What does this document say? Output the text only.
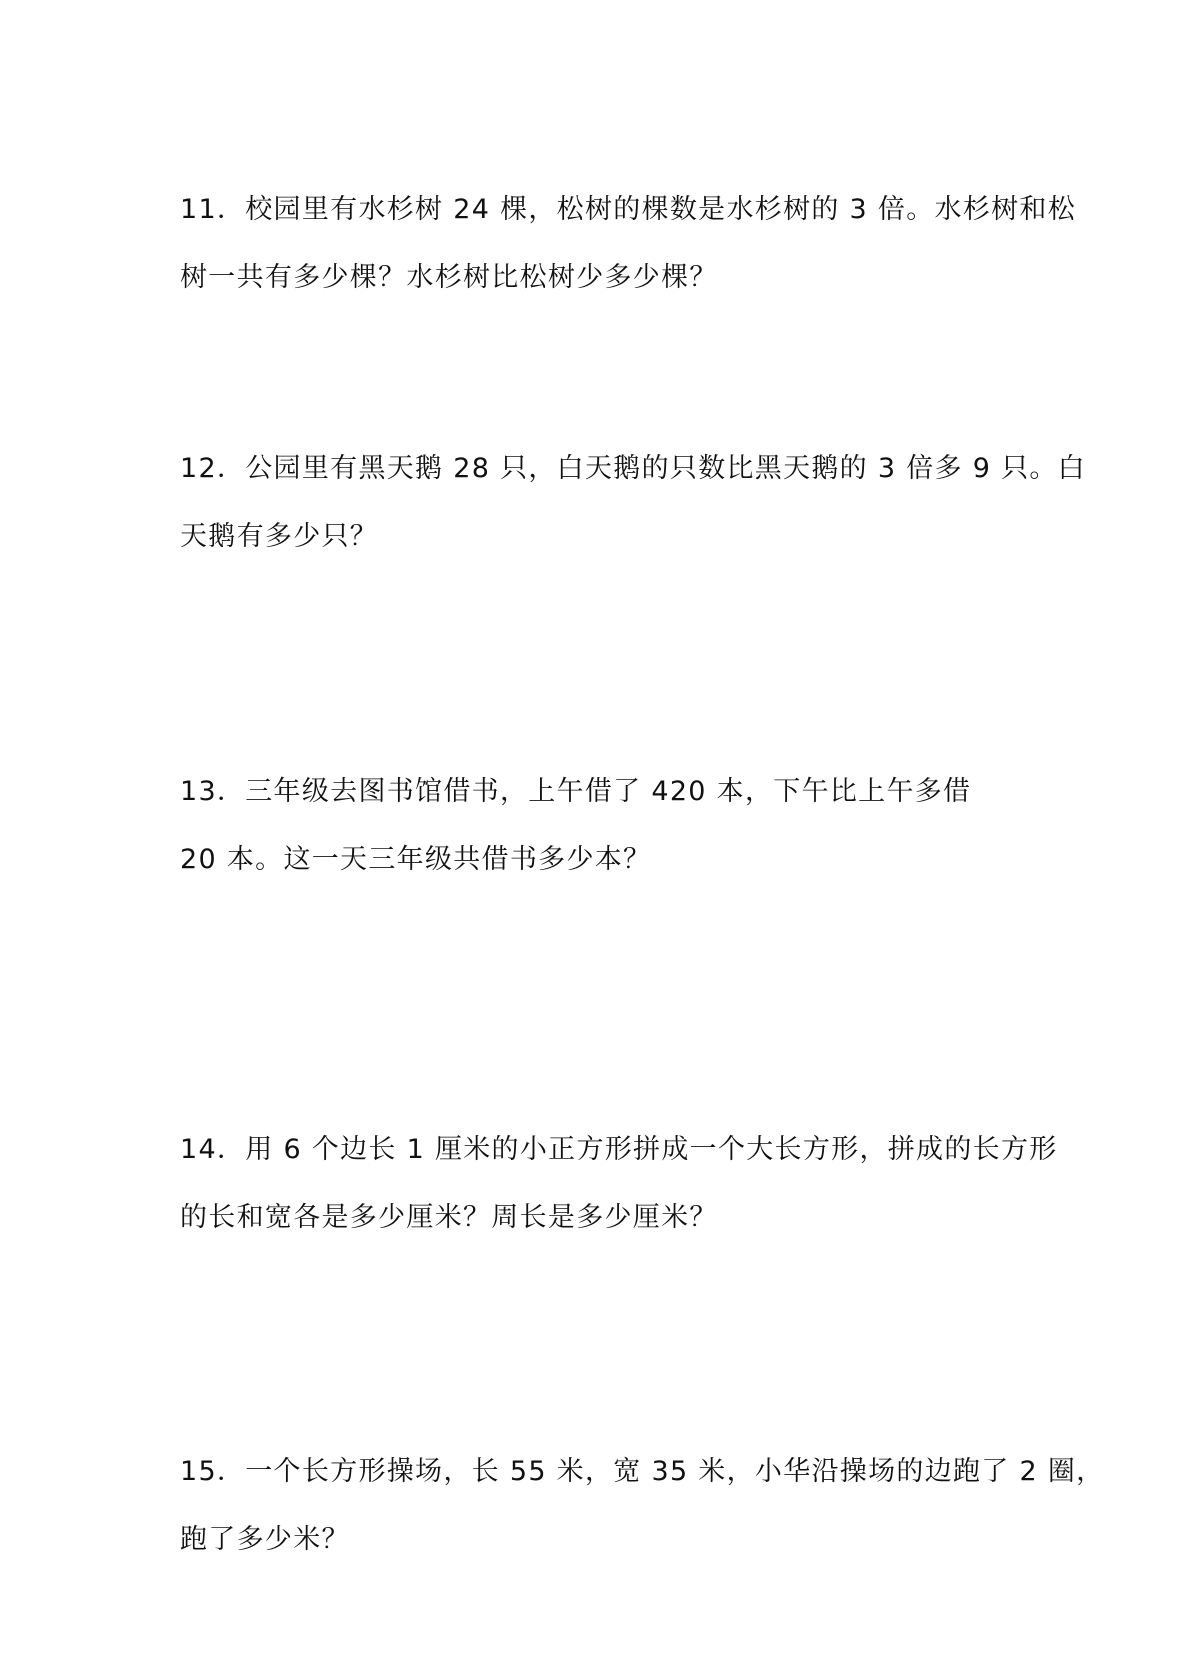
11．校园里有水杉树 24 棵，松树的棵数是水杉树的 3 倍。水杉树和松
树一共有多少棵？水杉树比松树少多少棵？
12．公园里有黑天鹅 28 只，白天鹅的只数比黑天鹅的 3 倍多 9 只。白
天鹅有多少只？
13．三年级去图书馆借书，上午借了 420 本，下午比上午多借
20 本。这一天三年级共借书多少本？
14．用 6 个边长 1 厘米的小正方形拼成一个大长方形，拼成的长方形
的长和宽各是多少厘米？周长是多少厘米？
15．一个长方形操场，长 55 米，宽 35 米，小华沿操场的边跑了 2 圈，
跑了多少米？
